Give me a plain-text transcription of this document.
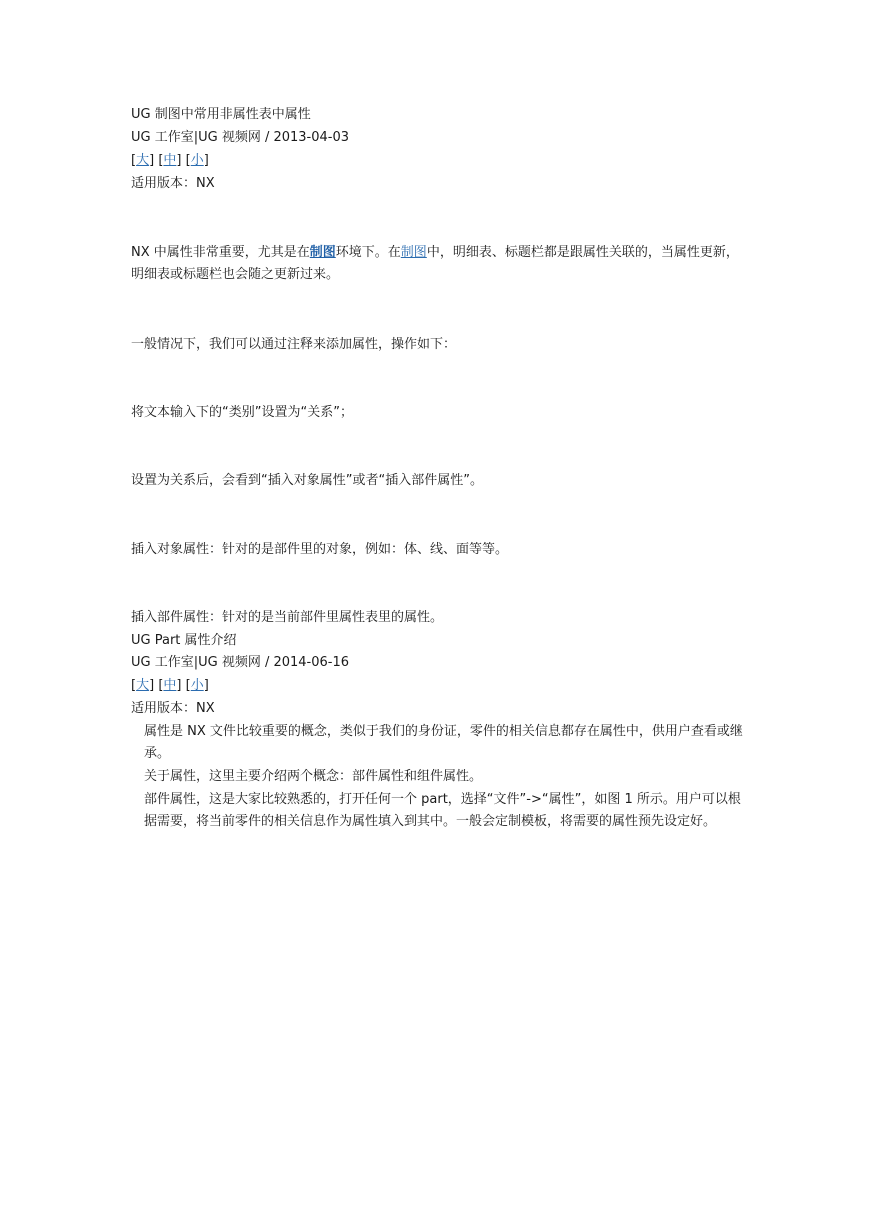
UG 制图中常用非属性表中属性
UG 工作室|UG 视频网 / 2013-04-03
[大] [中] [小]
适用版本：NX
NX 中属性非常重要，尤其是在制图环境下。在制图中，明细表、标题栏都是跟属性关联的，当属性更新，明细表或标题栏也会随之更新过来。
一般情况下，我们可以通过注释来添加属性，操作如下：
将文本输入下的“类别”设置为“关系”；
设置为关系后，会看到“插入对象属性”或者“插入部件属性”。
插入对象属性：针对的是部件里的对象，例如：体、线、面等等。
插入部件属性：针对的是当前部件里属性表里的属性。
UG Part 属性介绍
UG 工作室|UG 视频网 / 2014-06-16
[大] [中] [小]
适用版本：NX
属性是 NX 文件比较重要的概念，类似于我们的身份证，零件的相关信息都存在属性中，供用户查看或继承。
关于属性，这里主要介绍两个概念：部件属性和组件属性。
部件属性，这是大家比较熟悉的，打开任何一个 part，选择“文件”->“属性”，如图 1 所示。用户可以根据需要，将当前零件的相关信息作为属性填入到其中。一般会定制模板，将需要的属性预先设定好。
